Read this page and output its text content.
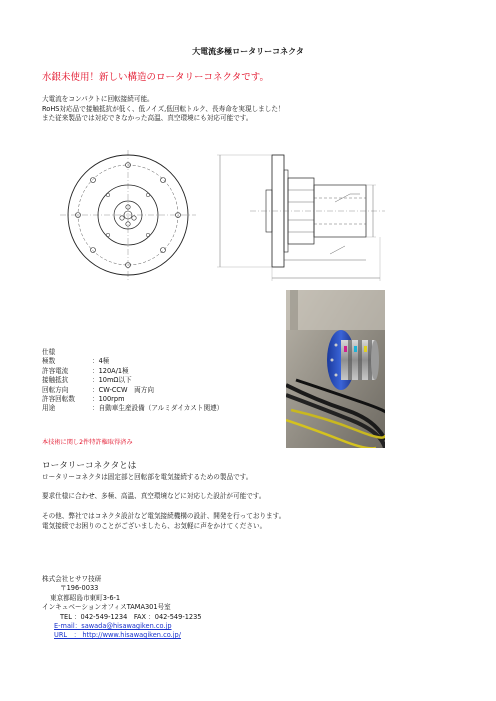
大電流多極ロータリーコネクタ
水銀未使用！新しい構造のロータリーコネクタです。
大電流をコンパクトに回転接続可能。
RoHS対応品で接触抵抗が低く、低ノイズ,低回転トルク、長寿命を実現しました！
また従来製品では対応できなかった高温、真空環境にも対応可能です。
仕様
極数	：4極
許容電流	：120A/1極
接触抵抗	：10mΩ以下
回転方向	：CW-CCW　両方向
許容回転数	：100rpm
用途	：自動車生産設備（アルミダイカスト関連）
本技術に関し2件特許権取得済み
ロータリーコネクタとは
ロータリーコネクタは固定部と回転部を電気接続するための製品です。
要求仕様に合わせ、多極、高温、真空環境などに対応した設計が可能です。
その他、弊社ではコネクタ設計など電気接続機構の設計、開発を行っております。
電気接続でお困りのことがございましたら、お気軽に声をかけてください。
株式会社ヒサワ技研
〒196-0033
東京都昭島市東町3-6-1
インキュベーションオフィスTAMA301号室
TEL ：042-549-1234　FAX ：042-549-1235
E-mail：sawada@hisawagiken.co.jp
URL　： http://www.hisawagiken.co.jp/
